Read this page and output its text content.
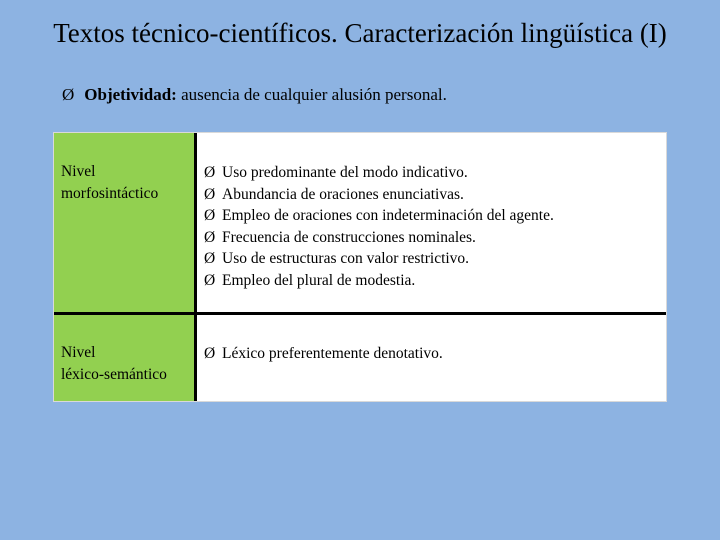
Textos técnico-científicos. Caracterización lingüística (I)
Ø Objetividad: ausencia de cualquier alusión personal.
Nivel
morfosintáctico
Ø Uso predominante del modo indicativo.
Ø Abundancia de oraciones enunciativas.
Ø Empleo de oraciones con indeterminación del agente.
Ø Frecuencia de construcciones nominales.
Ø Uso de estructuras con valor restrictivo.
Ø Empleo del plural de modestia.
Nivel
léxico-semántico
Ø Léxico preferentemente denotativo.
